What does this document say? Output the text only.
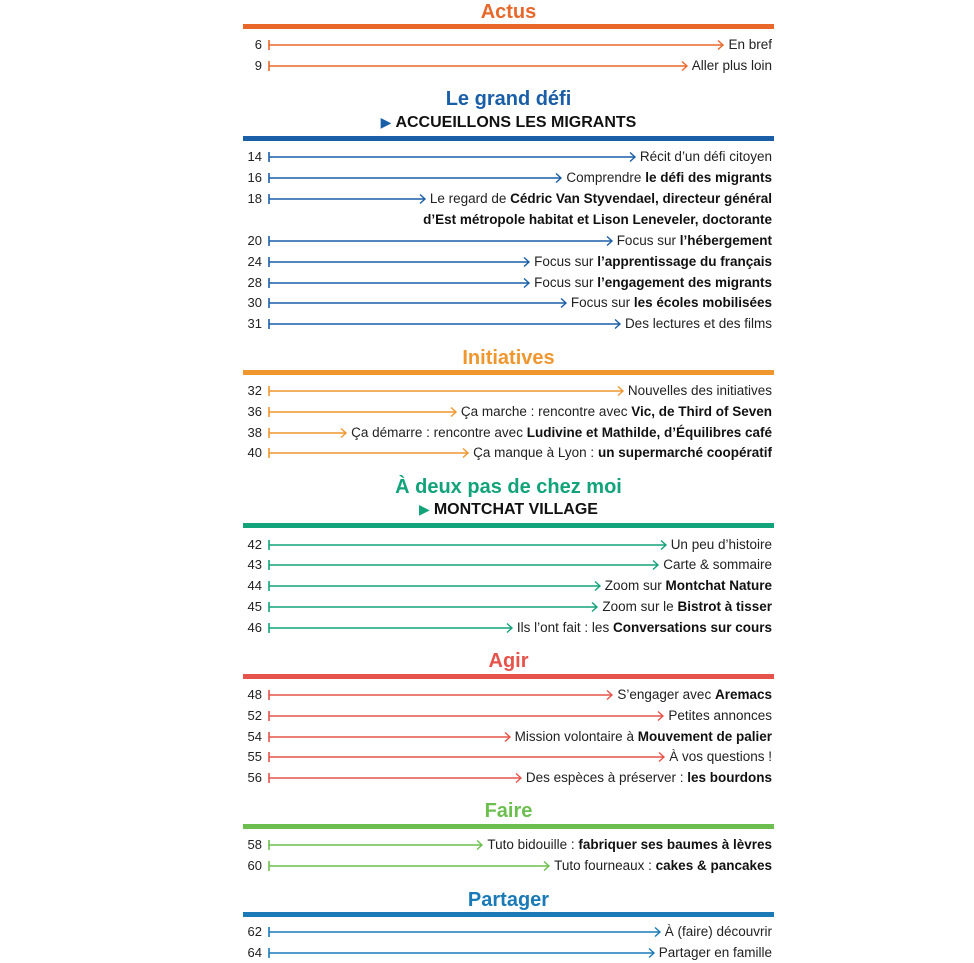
Actus
6	En bref
9	Aller plus loin
Le grand défi
▶ ACCUEILLONS LES MIGRANTS
14	Récit d’un défi citoyen
16	Comprendre le défi des migrants
18	Le regard de Cédric Van Styvendael, directeur général
d’Est métropole habitat et Lison Leneveler, doctorante
20	Focus sur l’hébergement
24	Focus sur l’apprentissage du français
28	Focus sur l’engagement des migrants
30	Focus sur les écoles mobilisées
31	Des lectures et des films
Initiatives
32	Nouvelles des initiatives
36	Ça marche : rencontre avec Vic, de Third of Seven
38	Ça démarre : rencontre avec Ludivine et Mathilde, d’Équilibres café
40	Ça manque à Lyon : un supermarché coopératif
À deux pas de chez moi
▶ MONTCHAT VILLAGE
42	Un peu d’histoire
43	Carte & sommaire
44	Zoom sur Montchat Nature
45	Zoom sur le Bistrot à tisser
46	Ils l’ont fait : les Conversations sur cours
Agir
48	S’engager avec Aremacs
52	Petites annonces
54	Mission volontaire à Mouvement de palier
55	À vos questions !
56	Des espèces à préserver : les bourdons
Faire
58	Tuto bidouille : fabriquer ses baumes à lèvres
60	Tuto fourneaux : cakes & pancakes
Partager
62	À (faire) découvrir
64	Partager en famille
